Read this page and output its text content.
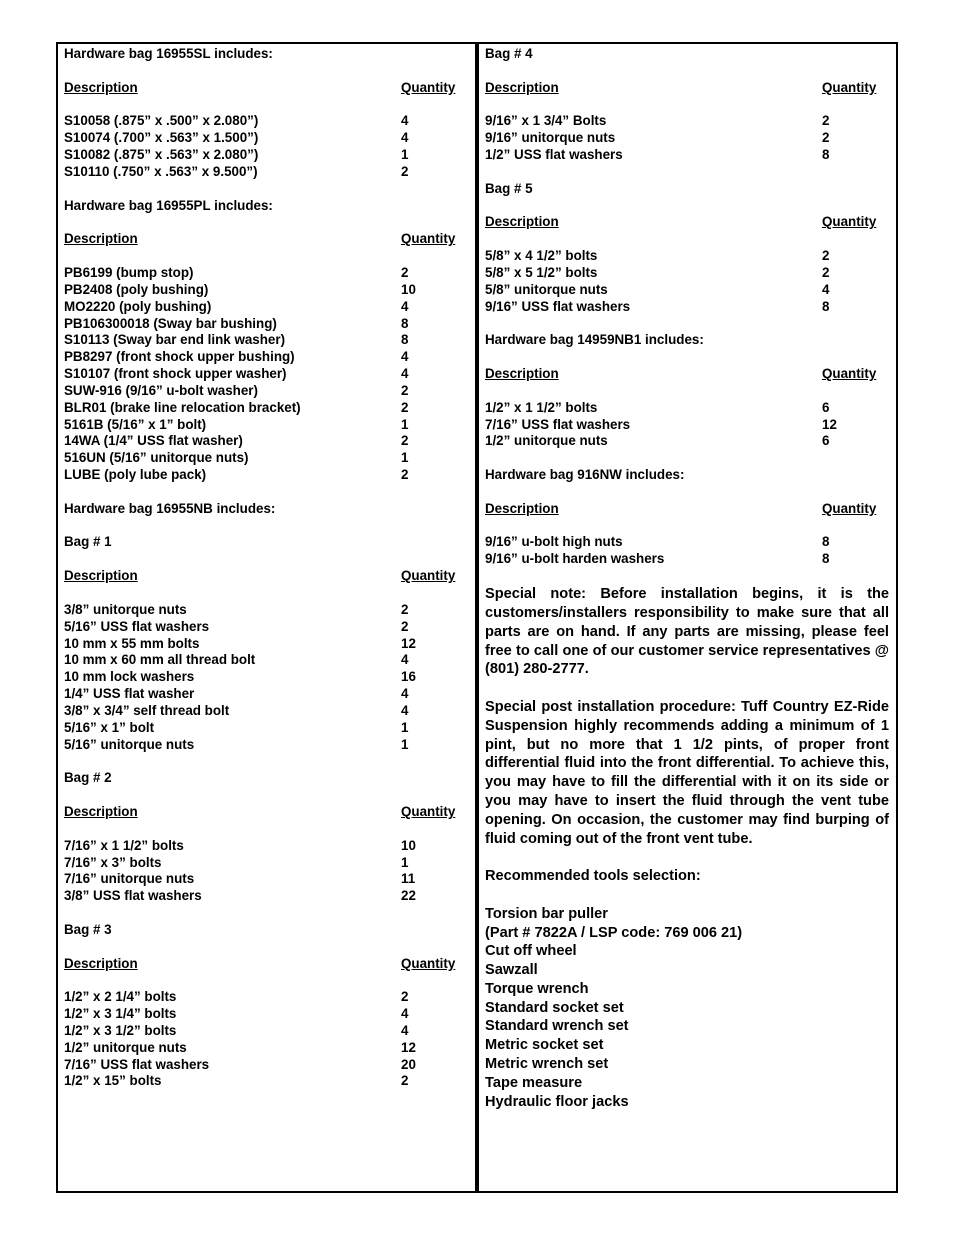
Hardware bag 16955SL includes:
Description	Quantity
S10058 (.875” x .500” x 2.080”)	4
S10074 (.700” x .563” x 1.500”)	4
S10082 (.875” x .563” x 2.080”)	1
S10110 (.750” x .563” x 9.500”)	2
Hardware bag 16955PL includes:
Description	Quantity
PB6199 (bump stop)	2
PB2408 (poly bushing)	10
MO2220 (poly bushing)	4
PB106300018 (Sway bar bushing)	8
S10113 (Sway bar end link washer)	8
PB8297 (front shock upper bushing)	4
S10107 (front shock upper washer)	4
SUW-916 (9/16” u-bolt washer)	2
BLR01 (brake line relocation bracket)	2
5161B (5/16” x 1” bolt)	1
14WA (1/4” USS flat washer)	2
516UN (5/16” unitorque nuts)	1
LUBE (poly lube pack)	2
Hardware bag 16955NB includes:
Bag # 1
Description	Quantity
3/8” unitorque nuts	2
5/16” USS flat washers	2
10 mm x 55 mm bolts	12
10 mm x 60 mm all thread bolt	4
10 mm lock washers	16
1/4” USS flat washer	4
3/8” x 3/4” self thread bolt	4
5/16” x 1” bolt	1
5/16” unitorque nuts	1
Bag # 2
Description	Quantity
7/16” x 1 1/2” bolts	10
7/16” x 3” bolts	1
7/16” unitorque nuts	11
3/8” USS flat washers	22
Bag # 3
Description	Quantity
1/2” x 2 1/4” bolts	2
1/2” x 3 1/4” bolts	4
1/2” x 3 1/2” bolts	4
1/2” unitorque nuts	12
7/16” USS flat washers	20
1/2” x 15” bolts	2
Bag # 4
Description	Quantity
9/16” x 1 3/4” Bolts	2
9/16” unitorque nuts	2
1/2” USS flat washers	8
Bag # 5
Description	Quantity
5/8” x 4 1/2” bolts	2
5/8” x 5 1/2” bolts	2
5/8” unitorque nuts	4
9/16” USS flat washers	8
Hardware bag 14959NB1 includes:
Description	Quantity
1/2” x 1 1/2” bolts	6
7/16” USS flat washers	12
1/2” unitorque nuts	6
Hardware bag 916NW includes:
Description	Quantity
9/16” u-bolt high nuts	8
9/16” u-bolt harden washers	8
Special note: Before installation begins, it is the customers/installers responsibility to make sure that all parts are on hand. If any parts are missing, please feel free to call one of our customer service representatives @ (801) 280-2777.
Special post installation procedure: Tuff Country EZ-Ride Suspension highly recommends adding a minimum of 1 pint, but no more that 1 1/2 pints, of proper front differential fluid into the front differential. To achieve this, you may have to fill the differential with it on its side or you may have to insert the fluid through the vent tube opening. On occasion, the customer may find burping of fluid coming out of the front vent tube.
Recommended tools selection:
Torsion bar puller
(Part # 7822A / LSP code: 769 006 21)
Cut off wheel
Sawzall
Torque wrench
Standard socket set
Standard wrench set
Metric socket set
Metric wrench set
Tape measure
Hydraulic floor jacks
